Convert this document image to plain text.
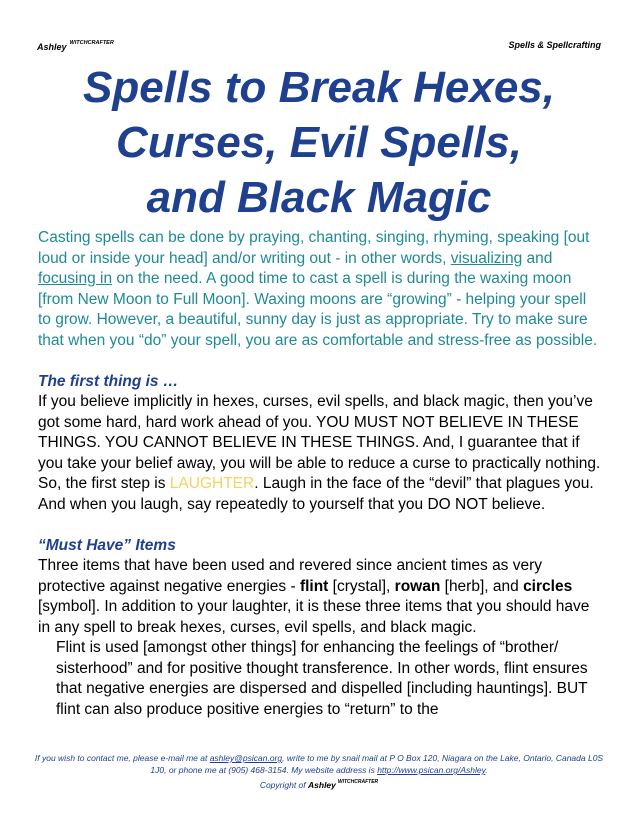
Ashley $^{WITCHCRAFTER}$	Spells & Spellcrafting
Spells to Break Hexes,
Curses, Evil Spells,
and Black Magic

Casting spells can be done by praying, chanting, singing, rhyming, speaking [out loud or inside your head] and/or writing out - in other words, visualizing and focusing in on the need. A good time to cast a spell is during the waxing moon [from New Moon to Full Moon]. Waxing moons are “growing” - helping your spell to grow. However, a beautiful, sunny day is just as appropriate. Try to make sure that when you “do” your spell, you are as comfortable and stress-free as possible.

The first thing is …

If you believe implicitly in hexes, curses, evil spells, and black magic, then you’ve got some hard, hard work ahead of you. YOU MUST NOT BELIEVE IN THESE THINGS. YOU CANNOT BELIEVE IN THESE THINGS. And, I guarantee that if you take your belief away, you will be able to reduce a curse to practically nothing. So, the first step is LAUGHTER. Laugh in the face of the “devil” that plagues you. And when you laugh, say repeatedly to yourself that you DO NOT believe.

“Must Have” Items

Three items that have been used and revered since ancient times as very protective against negative energies - flint [crystal], rowan [herb], and circles [symbol]. In addition to your laughter, it is these three items that you should have in any spell to break hexes, curses, evil spells, and black magic.

Flint is used [amongst other things] for enhancing the feelings of “brother/ sisterhood” and for positive thought transference. In other words, flint ensures that negative energies are dispersed and dispelled [including hauntings]. BUT flint can also produce positive energies to “return” to the

If you wish to contact me, please e-mail me at ashley@psican.org, write to me by snail mail at P O Box 120, Niagara on the Lake, Ontario, Canada L0S 1J0, or phone me at (905) 468-3154. My website address is http://www.psican.org/Ashley.
Copyright of Ashley $^{WITCHCRAFTER}$
